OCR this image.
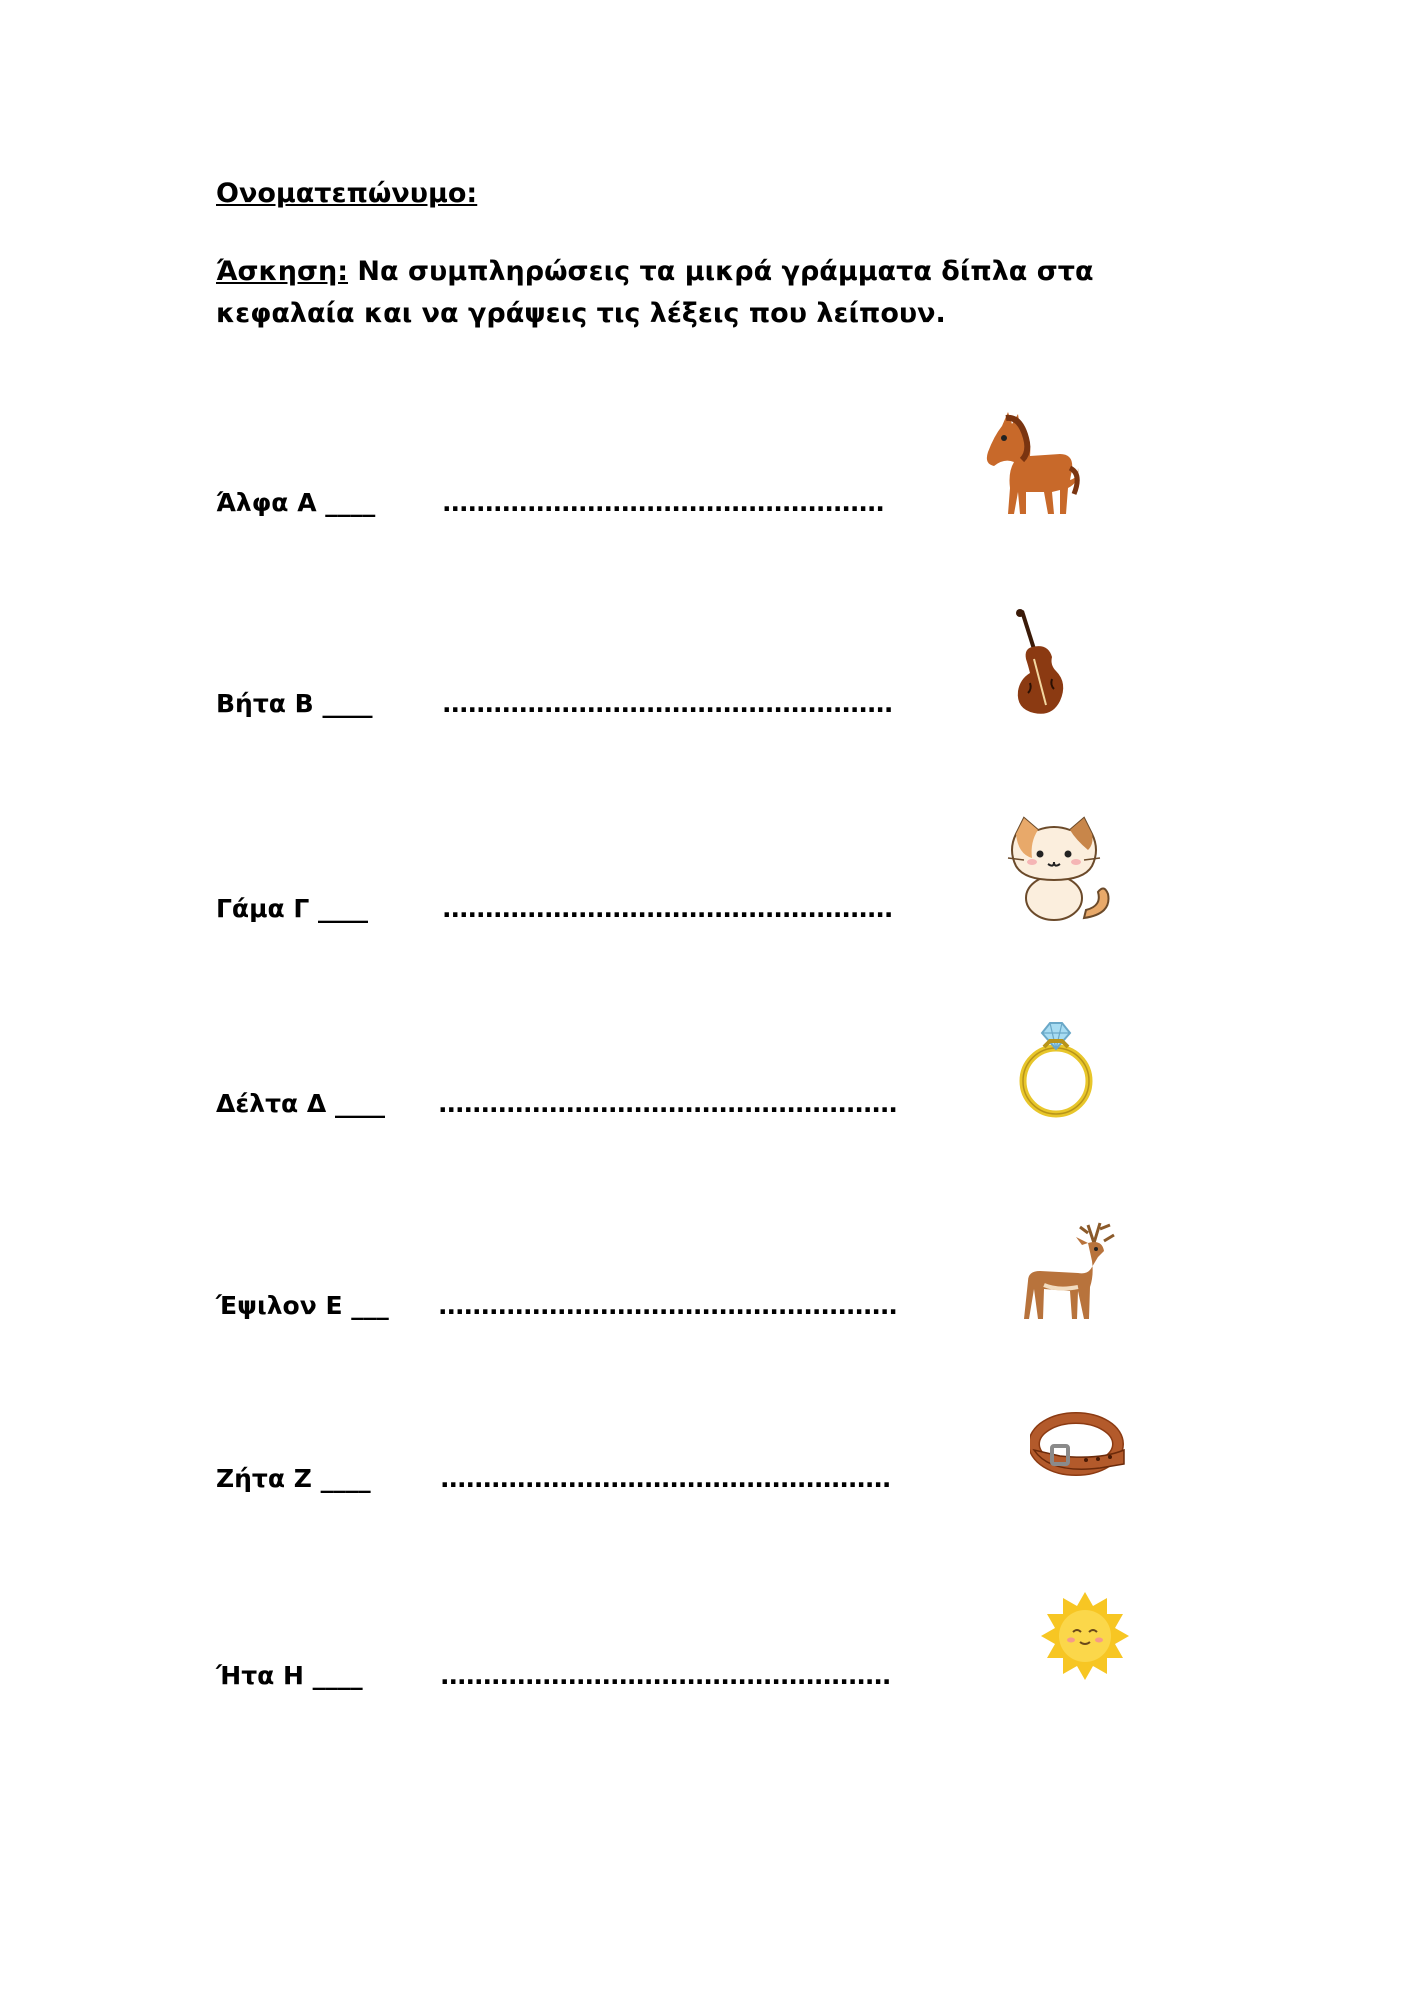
Ονοματεπώνυμο:
Άσκηση: Να συμπληρώσεις τα μικρά γράμματα δίπλα στα κεφαλαία και να γράψεις τις λέξεις που λείπουν.
Άλφα Α ____	....................................................
Βήτα Β ____	.....................................................
Γάμα Γ ____	.....................................................
Δέλτα Δ ____ ......................................................
Έψιλον Ε ___ ......................................................
Ζήτα Ζ ____	.....................................................
Ήτα Η ____	.....................................................
